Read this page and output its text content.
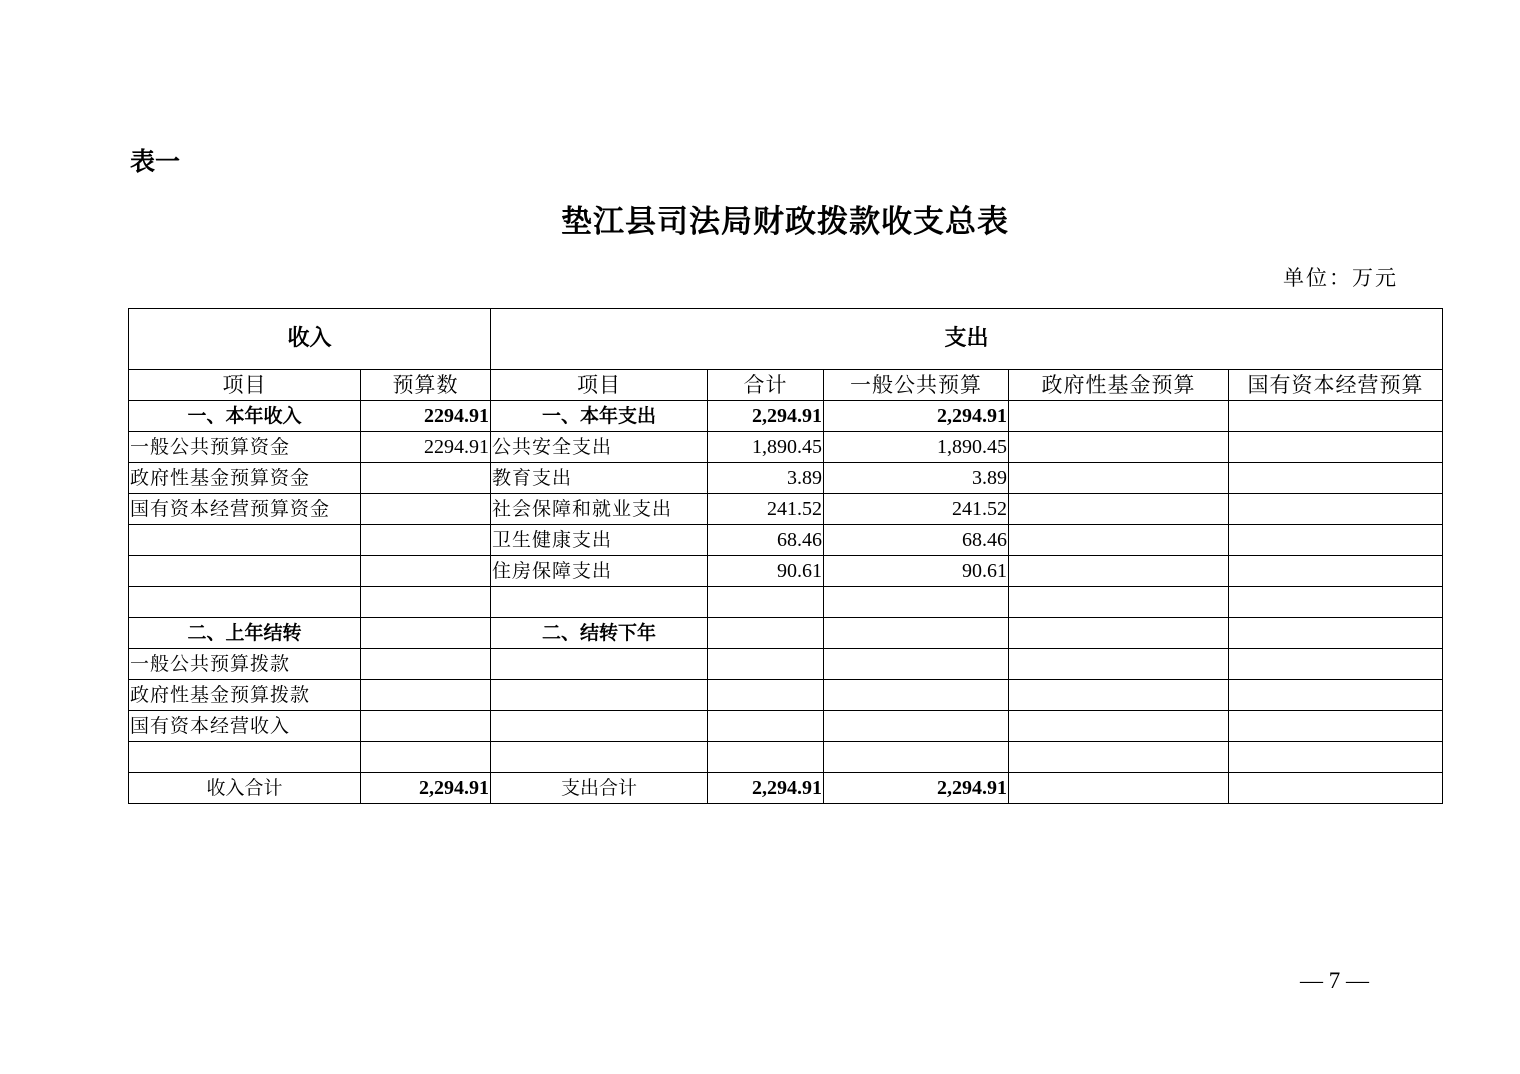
表一
垫江县司法局财政拨款收支总表
单位：万元
收入		支出				
项目	预算数	项目	合计	一般公共预算	政府性基金预算	国有资本经营预算
一、本年收入	2294.91	一、本年支出	2,294.91	2,294.91		
一般公共预算资金	2294.91	公共安全支出	1,890.45	1,890.45		
政府性基金预算资金		教育支出	3.89	3.89		
国有资本经营预算资金		社会保障和就业支出	241.52	241.52		
		卫生健康支出	68.46	68.46		
		住房保障支出	90.61	90.61		

二、上年结转		二、结转下年				
一般公共预算拨款						
政府性基金预算拨款						
国有资本经营收入						

收入合计	2,294.91	支出合计	2,294.91	2,294.91		
— 7 —
